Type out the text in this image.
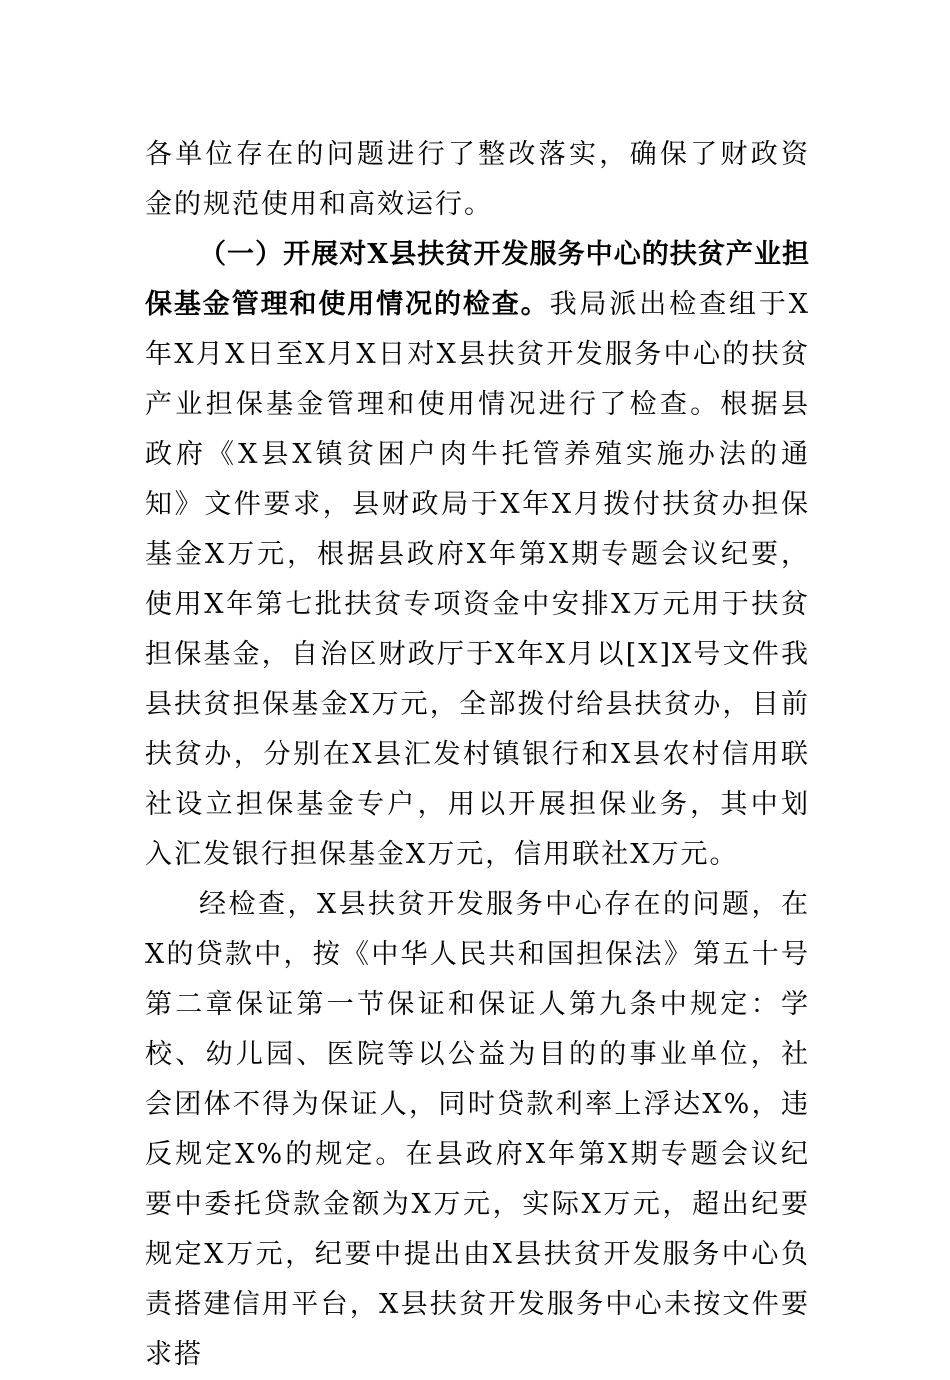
各单位存在的问题进行了整改落实，确保了财政资金的规范使用和高效运行。

（一）开展对X县扶贫开发服务中心的扶贫产业担保基金管理和使用情况的检查。我局派出检查组于X年X月X日至X月X日对X县扶贫开发服务中心的扶贫产业担保基金管理和使用情况进行了检查。根据县政府《X县X镇贫困户肉牛托管养殖实施办法的通知》文件要求，县财政局于X年X月拨付扶贫办担保基金X万元，根据县政府X年第X期专题会议纪要，使用X年第七批扶贫专项资金中安排X万元用于扶贫担保基金，自治区财政厅于X年X月以[X]X号文件我县扶贫担保基金X万元，全部拨付给县扶贫办，目前扶贫办，分别在X县汇发村镇银行和X县农村信用联社设立担保基金专户，用以开展担保业务，其中划入汇发银行担保基金X万元，信用联社X万元。

经检查，X县扶贫开发服务中心存在的问题，在X的贷款中，按《中华人民共和国担保法》第五十号第二章保证第一节保证和保证人第九条中规定：学校、幼儿园、医院等以公益为目的的事业单位，社会团体不得为保证人，同时贷款利率上浮达X%，违反规定X%的规定。在县政府X年第X期专题会议纪要中委托贷款金额为X万元，实际X万元，超出纪要规定X万元，纪要中提出由X县扶贫开发服务中心负责搭建信用平台，X县扶贫开发服务中心未按文件要求搭
